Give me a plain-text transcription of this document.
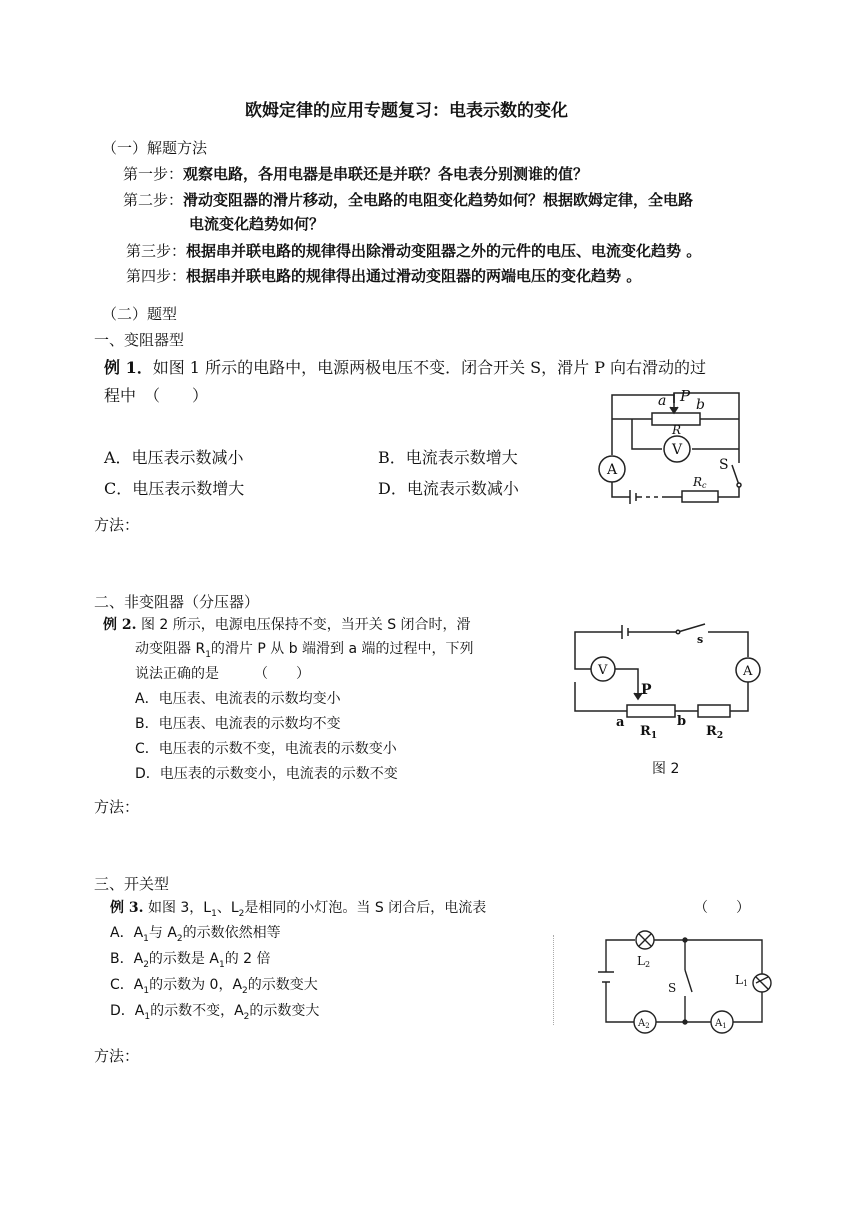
欧姆定律的应用专题复习：电表示数的变化
（一）解题方法
第一步：观察电路，各用电器是串联还是并联？各电表分别测谁的值？
第二步：滑动变阻器的滑片移动，全电路的电阻变化趋势如何？根据欧姆定律，全电路
电流变化趋势如何？
第三步：根据串并联电路的规律得出除滑动变阻器之外的元件的电压、电流变化趋势 。
第四步：根据串并联电路的规律得出通过滑动变阻器的两端电压的变化趋势 。
（二）题型
一、变阻器型
例 1．如图 1 所示的电路中，电源两极电压不变．闭合开关 S，滑片 P 向右滑动的过
程中　（　　）
A．电压表示数减小	B．电流表示数增大
C．电压表示数增大	D．电流表示数减小
方法：
a P b
R
V
A	S
Rc
二、非变阻器（分压器）
例 2. 图 2 所示，电源电压保持不变，当开关 S 闭合时，滑
动变阻器 $R_1$的滑片 P 从 b 端滑到 a 端的过程中，下列
说法正确的是　　　（　　）
A．电压表、电流表的示数均变小
B．电压表、电流表的示数均不变
C．电压表的示数不变，电流表的示数变小
D．电压表的示数变小，电流表的示数不变
方法：
s
V	A
P
a	b
$R_1$	$R_2$
图 2
三、开关型
例 3. 如图 3，$L_1$、$L_2$是相同的小灯泡。当 S 闭合后，电流表	（　　）
A．$A_1$与 $A_2$的示数依然相等
B．$A_2$的示数是 $A_1$的 2 倍
C．$A_1$的示数为 0，$A_2$的示数变大
D．$A_1$的示数不变，$A_2$的示数变大
方法：
L2
L1
S
$A_2$	$A_1$
